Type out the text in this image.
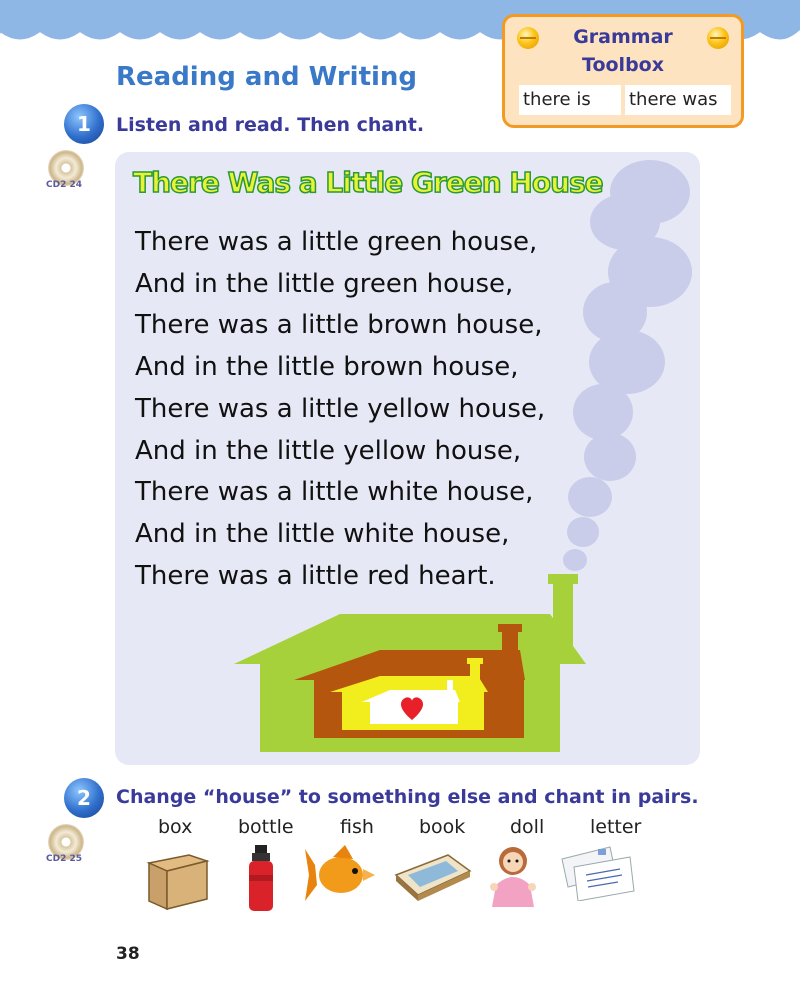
Reading and Writing
Grammar Toolbox
there is	there was
1	Listen and read. Then chant.
CD2 24 There Was a Little Green House
There was a little green house,
And in the little green house,
There was a little brown house,
And in the little brown house,
There was a little yellow house,
And in the little yellow house,
There was a little white house,
And in the little white house,
There was a little red heart.
2	Change “house” to something else and chant in pairs.
CD2 25
box bottle fish book doll letter
38
